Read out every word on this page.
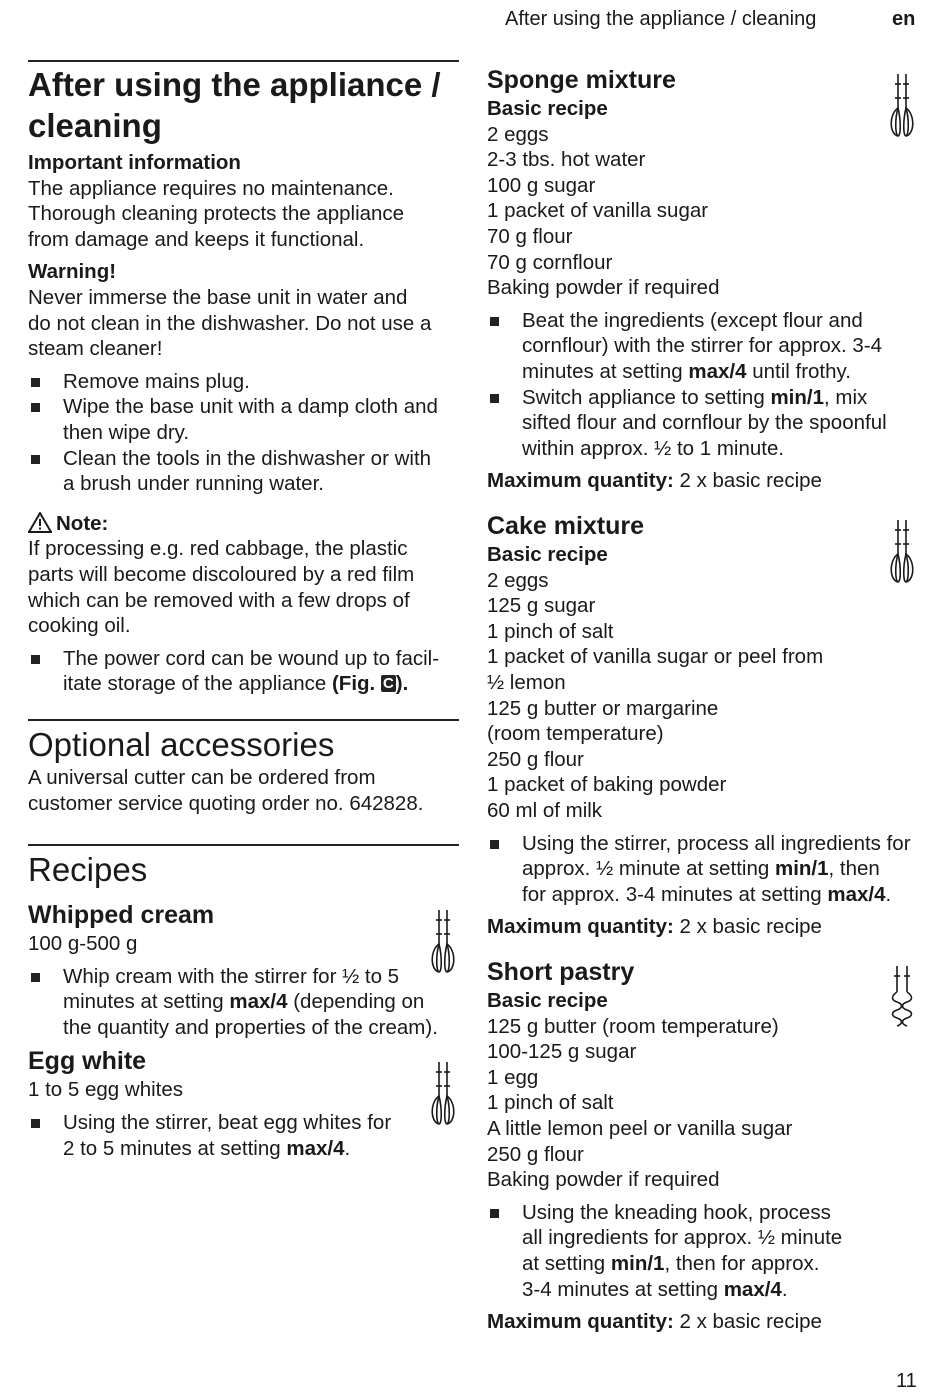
After using the appliance / cleaning	en
After using the appliance /
cleaning

Important information

The appliance requires no maintenance.
Thorough cleaning protects the appliance
from damage and keeps it functional.

Warning!

Never immerse the base unit in water and
do not clean in the dishwasher. Do not use a
steam cleaner!

Remove mains plug.
Wipe the base unit with a damp cloth and
then wipe dry.
Clean the tools in the dishwasher or with
a brush under running water.

Note:

If processing e.g. red cabbage, the plastic
parts will become discoloured by a red film
which can be removed with a few drops of
cooking oil.

The power cord can be wound up to facil-
itate storage of the appliance (Fig. C).
Optional accessories

A universal cutter can be ordered from
customer service quoting order no. 642828.

Recipes
Whipped cream

100 g-500 g

Whip cream with the stirrer for ½ to 5
minutes at setting max/4 (depending on
the quantity and properties of the cream).
Egg white

1 to 5 egg whites

Using the stirrer, beat egg whites for
2 to 5 minutes at setting max/4.
Sponge mixture

Basic recipe

2 eggs
2-3 tbs. hot water
100 g sugar
1 packet of vanilla sugar
70 g flour
70 g cornflour
Baking powder if required

Beat the ingredients (except flour and
cornflour) with the stirrer for approx. 3-4
minutes at setting max/4 until frothy.
Switch appliance to setting min/1, mix
sifted flour and cornflour by the spoonful
within approx. ½ to 1 minute.

Maximum quantity: 2 x basic recipe

Cake mixture

Basic recipe

2 eggs
125 g sugar
1 pinch of salt
1 packet of vanilla sugar or peel from
½ lemon
125 g butter or margarine
(room temperature)
250 g flour
1 packet of baking powder
60 ml of milk

Using the stirrer, process all ingredients for
approx. ½ minute at setting min/1, then
for approx. 3-4 minutes at setting max/4.

Maximum quantity: 2 x basic recipe

Short pastry

Basic recipe

125 g butter (room temperature)
100-125 g sugar
1 egg
1 pinch of salt
A little lemon peel or vanilla sugar
250 g flour
Baking powder if required

Using the kneading hook, process
all ingredients for approx. ½ minute
at setting min/1, then for approx.
3-4 minutes at setting max/4.

Maximum quantity: 2 x basic recipe

11
